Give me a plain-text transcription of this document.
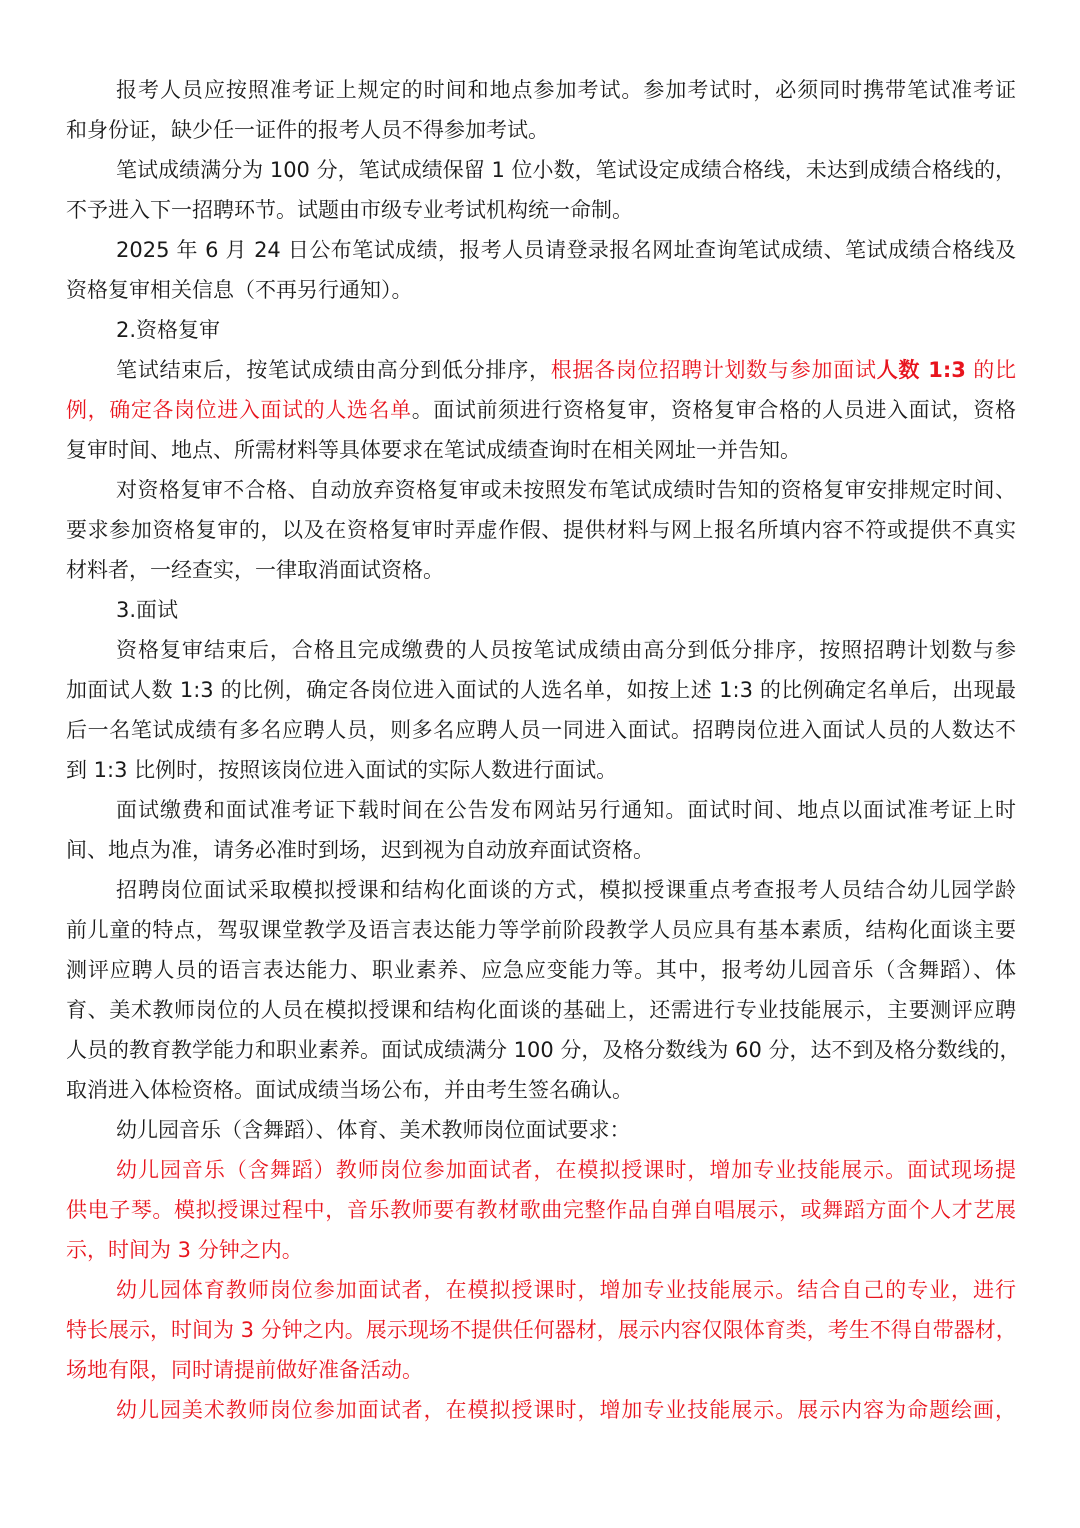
报考人员应按照准考证上规定的时间和地点参加考试。参加考试时，必须同时携带笔试准考证
和身份证，缺少任一证件的报考人员不得参加考试。
笔试成绩满分为 100 分，笔试成绩保留 1 位小数，笔试设定成绩合格线，未达到成绩合格线的，
不予进入下一招聘环节。试题由市级专业考试机构统一命制。
2025 年 6 月 24 日公布笔试成绩，报考人员请登录报名网址查询笔试成绩、笔试成绩合格线及
资格复审相关信息（不再另行通知）。
2.资格复审
笔试结束后，按笔试成绩由高分到低分排序，根据各岗位招聘计划数与参加面试人数 1:3 的比
例，确定各岗位进入面试的人选名单。面试前须进行资格复审，资格复审合格的人员进入面试，资格
复审时间、地点、所需材料等具体要求在笔试成绩查询时在相关网址一并告知。
对资格复审不合格、自动放弃资格复审或未按照发布笔试成绩时告知的资格复审安排规定时间、
要求参加资格复审的，以及在资格复审时弄虚作假、提供材料与网上报名所填内容不符或提供不真实
材料者，一经查实，一律取消面试资格。
3.面试
资格复审结束后，合格且完成缴费的人员按笔试成绩由高分到低分排序，按照招聘计划数与参
加面试人数 1:3 的比例，确定各岗位进入面试的人选名单，如按上述 1:3 的比例确定名单后，出现最
后一名笔试成绩有多名应聘人员，则多名应聘人员一同进入面试。招聘岗位进入面试人员的人数达不
到 1:3 比例时，按照该岗位进入面试的实际人数进行面试。
面试缴费和面试准考证下载时间在公告发布网站另行通知。面试时间、地点以面试准考证上时
间、地点为准，请务必准时到场，迟到视为自动放弃面试资格。
招聘岗位面试采取模拟授课和结构化面谈的方式，模拟授课重点考查报考人员结合幼儿园学龄
前儿童的特点，驾驭课堂教学及语言表达能力等学前阶段教学人员应具有基本素质，结构化面谈主要
测评应聘人员的语言表达能力、职业素养、应急应变能力等。其中，报考幼儿园音乐（含舞蹈）、体
育、美术教师岗位的人员在模拟授课和结构化面谈的基础上，还需进行专业技能展示，主要测评应聘
人员的教育教学能力和职业素养。面试成绩满分 100 分，及格分数线为 60 分，达不到及格分数线的，
取消进入体检资格。面试成绩当场公布，并由考生签名确认。
幼儿园音乐（含舞蹈）、体育、美术教师岗位面试要求：
幼儿园音乐（含舞蹈）教师岗位参加面试者，在模拟授课时，增加专业技能展示。面试现场提
供电子琴。模拟授课过程中，音乐教师要有教材歌曲完整作品自弹自唱展示，或舞蹈方面个人才艺展
示，时间为 3 分钟之内。
幼儿园体育教师岗位参加面试者，在模拟授课时，增加专业技能展示。结合自己的专业，进行
特长展示，时间为 3 分钟之内。展示现场不提供任何器材，展示内容仅限体育类，考生不得自带器材，
场地有限，同时请提前做好准备活动。
幼儿园美术教师岗位参加面试者，在模拟授课时，增加专业技能展示。展示内容为命题绘画，
